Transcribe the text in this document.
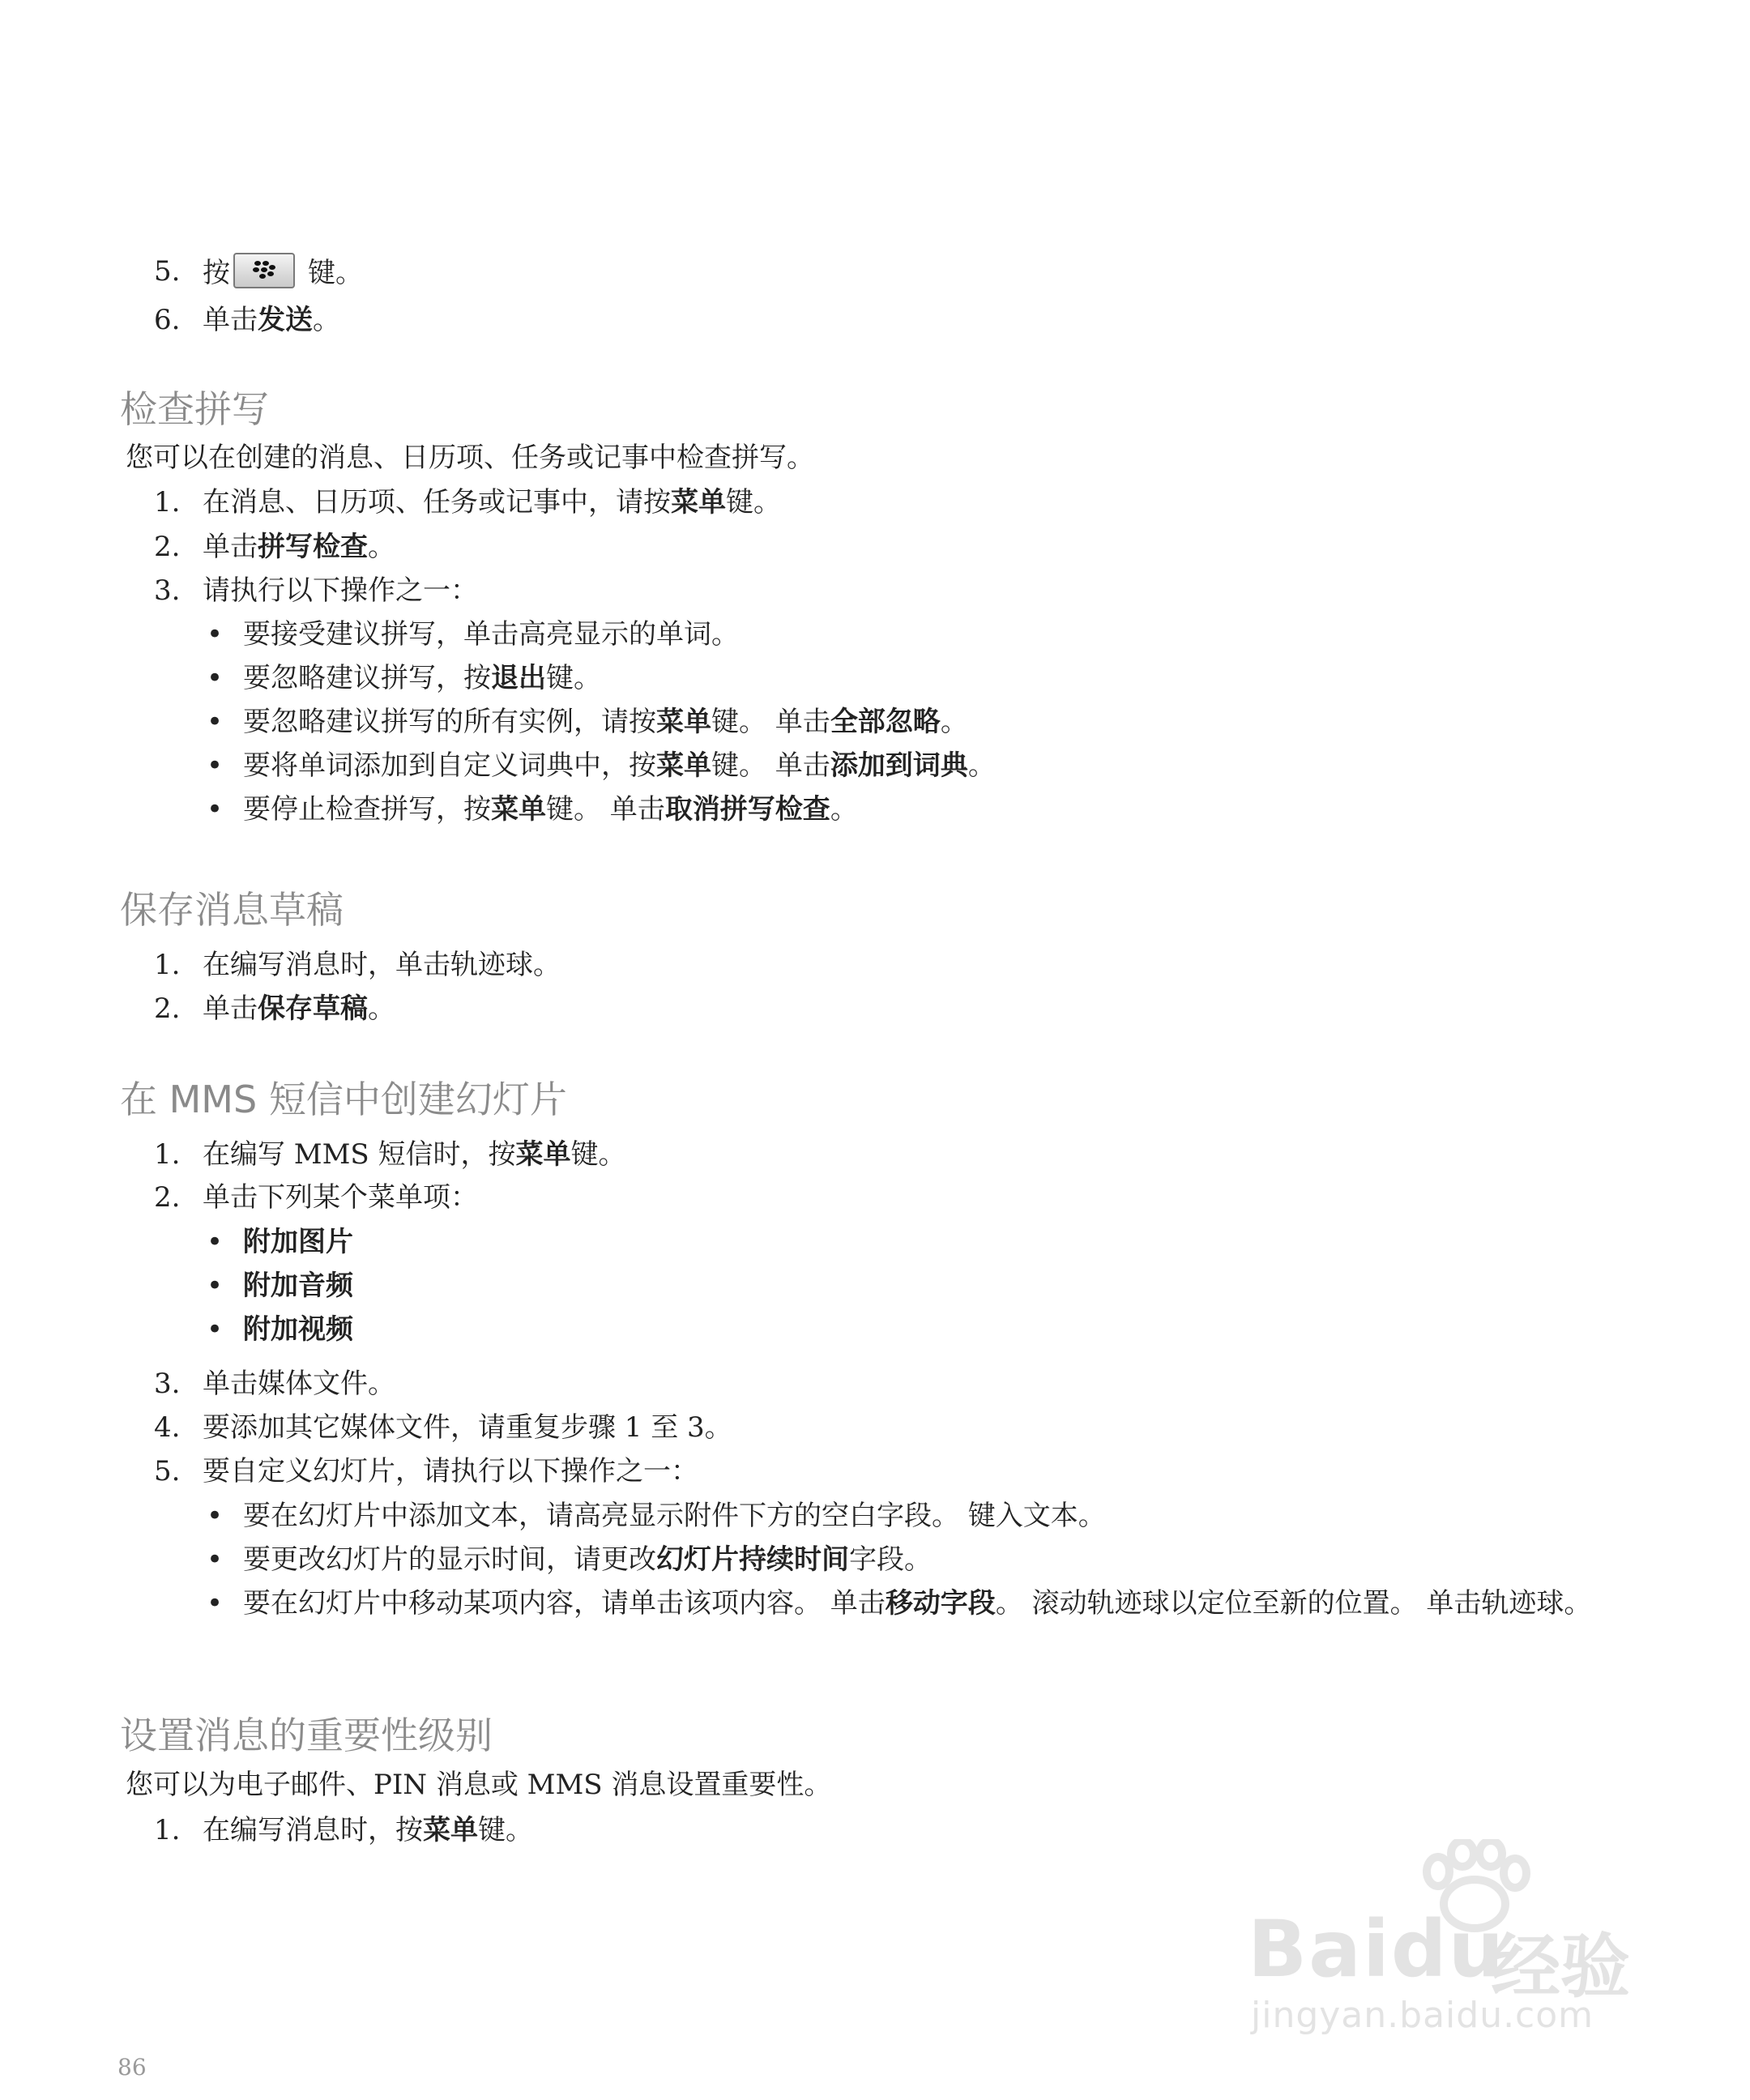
5. 按	键。
6. 单击发送。
检查拼写
您可以在创建的消息、日历项、任务或记事中检查拼写。
1. 在消息、日历项、任务或记事中，请按菜单键。
2. 单击拼写检查。
3. 请执行以下操作之一：
• 要接受建议拼写，单击高亮显示的单词。
• 要忽略建议拼写，按退出键。
• 要忽略建议拼写的所有实例，请按菜单键。 单击全部忽略。
• 要将单词添加到自定义词典中，按菜单键。 单击添加到词典。
• 要停止检查拼写，按菜单键。 单击取消拼写检查。
保存消息草稿
1. 在编写消息时，单击轨迹球。
2. 单击保存草稿。
在 MMS 短信中创建幻灯片
1. 在编写 MMS 短信时，按菜单键。
2. 单击下列某个菜单项：
• 附加图片
• 附加音频
• 附加视频
3. 单击媒体文件。
4. 要添加其它媒体文件，请重复步骤 1 至 3。
5. 要自定义幻灯片，请执行以下操作之一：
• 要在幻灯片中添加文本，请高亮显示附件下方的空白字段。 键入文本。
• 要更改幻灯片的显示时间，请更改幻灯片持续时间字段。
• 要在幻灯片中移动某项内容，请单击该项内容。 单击移动字段。 滚动轨迹球以定位至新的位置。 单击轨迹球。
设置消息的重要性级别
您可以为电子邮件、PIN 消息或 MMS 消息设置重要性。
1. 在编写消息时，按菜单键。
Baidu
经验
jingyan.baidu.com
86
